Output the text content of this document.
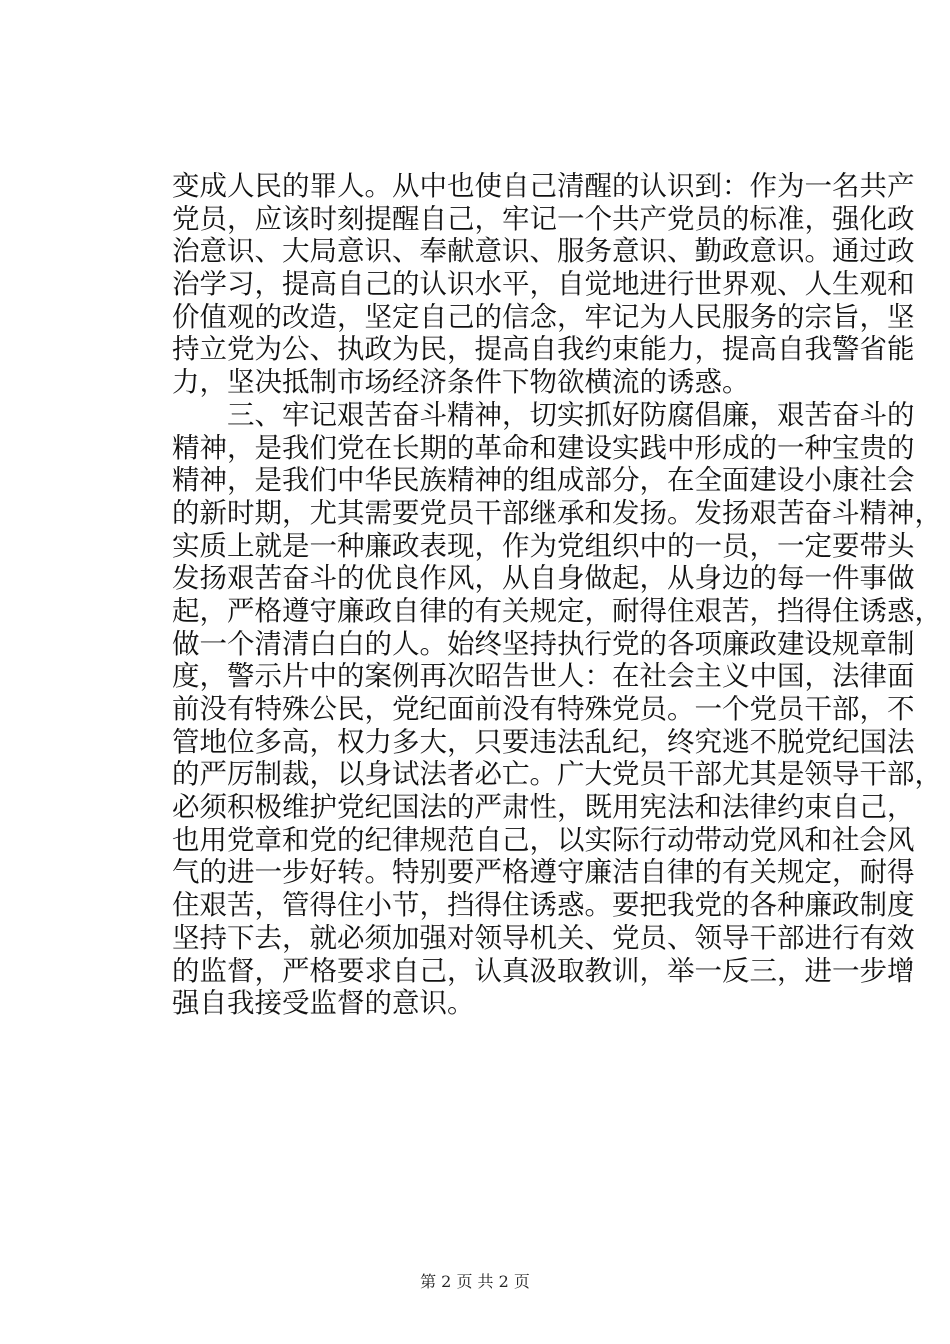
变成人民的罪人。从中也使自己清醒的认识到：作为一名共产
党员，应该时刻提醒自己，牢记一个共产党员的标准，强化政
治意识、大局意识、奉献意识、服务意识、勤政意识。通过政
治学习，提高自己的认识水平，自觉地进行世界观、人生观和
价值观的改造，坚定自己的信念，牢记为人民服务的宗旨，坚
持立党为公、执政为民，提高自我约束能力，提高自我警省能
力，坚决抵制市场经济条件下物欲横流的诱惑。
　　三、牢记艰苦奋斗精神，切实抓好防腐倡廉，艰苦奋斗的
精神，是我们党在长期的革命和建设实践中形成的一种宝贵的
精神，是我们中华民族精神的组成部分，在全面建设小康社会
的新时期，尤其需要党员干部继承和发扬。发扬艰苦奋斗精神，
实质上就是一种廉政表现，作为党组织中的一员，一定要带头
发扬艰苦奋斗的优良作风，从自身做起，从身边的每一件事做
起，严格遵守廉政自律的有关规定，耐得住艰苦，挡得住诱惑，
做一个清清白白的人。始终坚持执行党的各项廉政建设规章制
度，警示片中的案例再次昭告世人：在社会主义中国，法律面
前没有特殊公民，党纪面前没有特殊党员。一个党员干部，不
管地位多高，权力多大，只要违法乱纪，终究逃不脱党纪国法
的严厉制裁，以身试法者必亡。广大党员干部尤其是领导干部，
必须积极维护党纪国法的严肃性，既用宪法和法律约束自己，
也用党章和党的纪律规范自己，以实际行动带动党风和社会风
气的进一步好转。特别要严格遵守廉洁自律的有关规定，耐得
住艰苦，管得住小节，挡得住诱惑。要把我党的各种廉政制度
坚持下去，就必须加强对领导机关、党员、领导干部进行有效
的监督，严格要求自己，认真汲取教训，举一反三，进一步增
强自我接受监督的意识。
第 2 页 共 2 页
